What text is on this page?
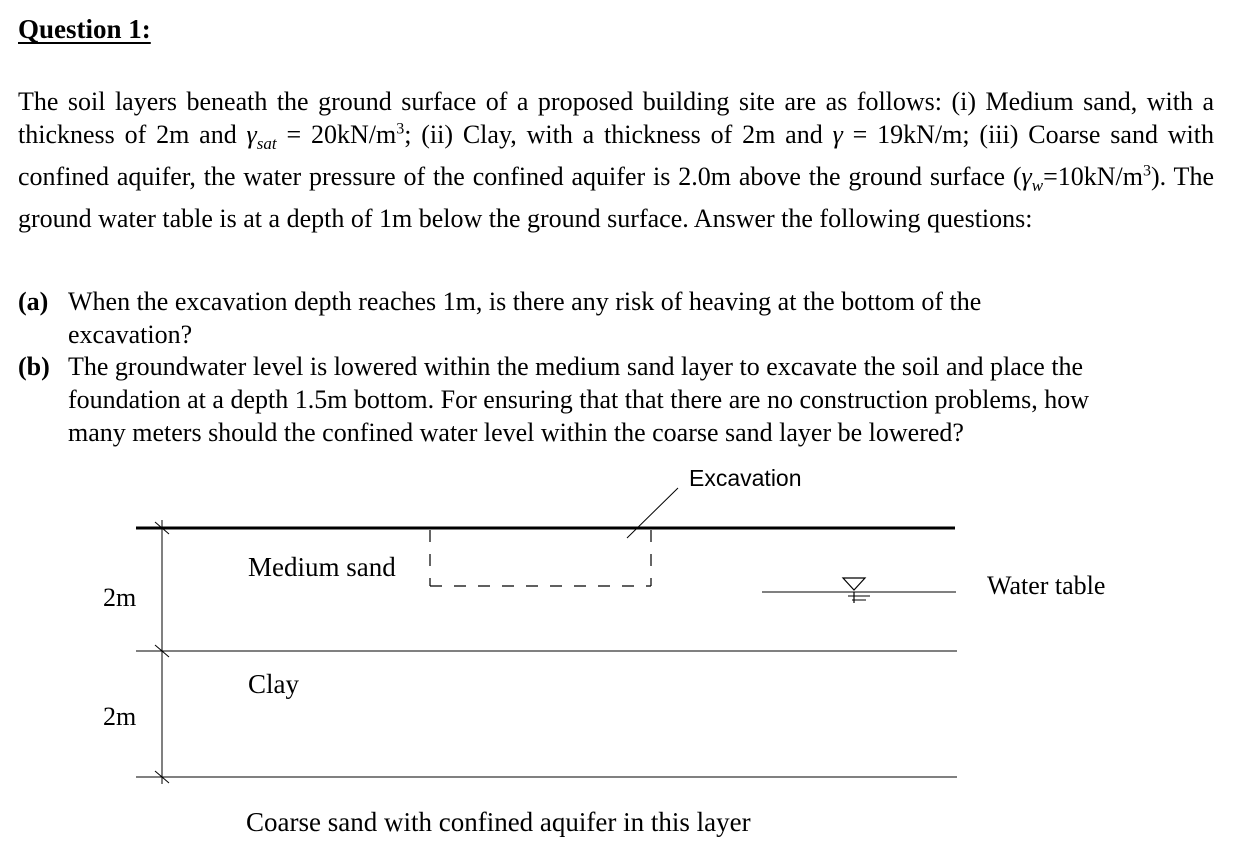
Question 1:
The soil layers beneath the ground surface of a proposed building site are as follows: (i) Medium sand, with a thickness of 2m and $\gamma_{sat} = 20kN/m^3$; (ii) Clay, with a thickness of 2m and γ = 19kN/m; (iii) Coarse sand with confined aquifer, the water pressure of the confined aquifer is 2.0m above the ground surface $(\gamma_w=10kN/m^3)$. The ground water table is at a depth of 1m below the ground surface. Answer the following questions:
(a) When the excavation depth reaches 1m, is there any risk of heaving at the bottom of the
excavation?
(b) The groundwater level is lowered within the medium sand layer to excavate the soil and place the
foundation at a depth 1.5m bottom. For ensuring that that there are no construction problems, how
many meters should the confined water level within the coarse sand layer be lowered?
Excavation
2m
2m
Medium sand
Clay
Coarse sand with confined aquifer in this layer
Water table
